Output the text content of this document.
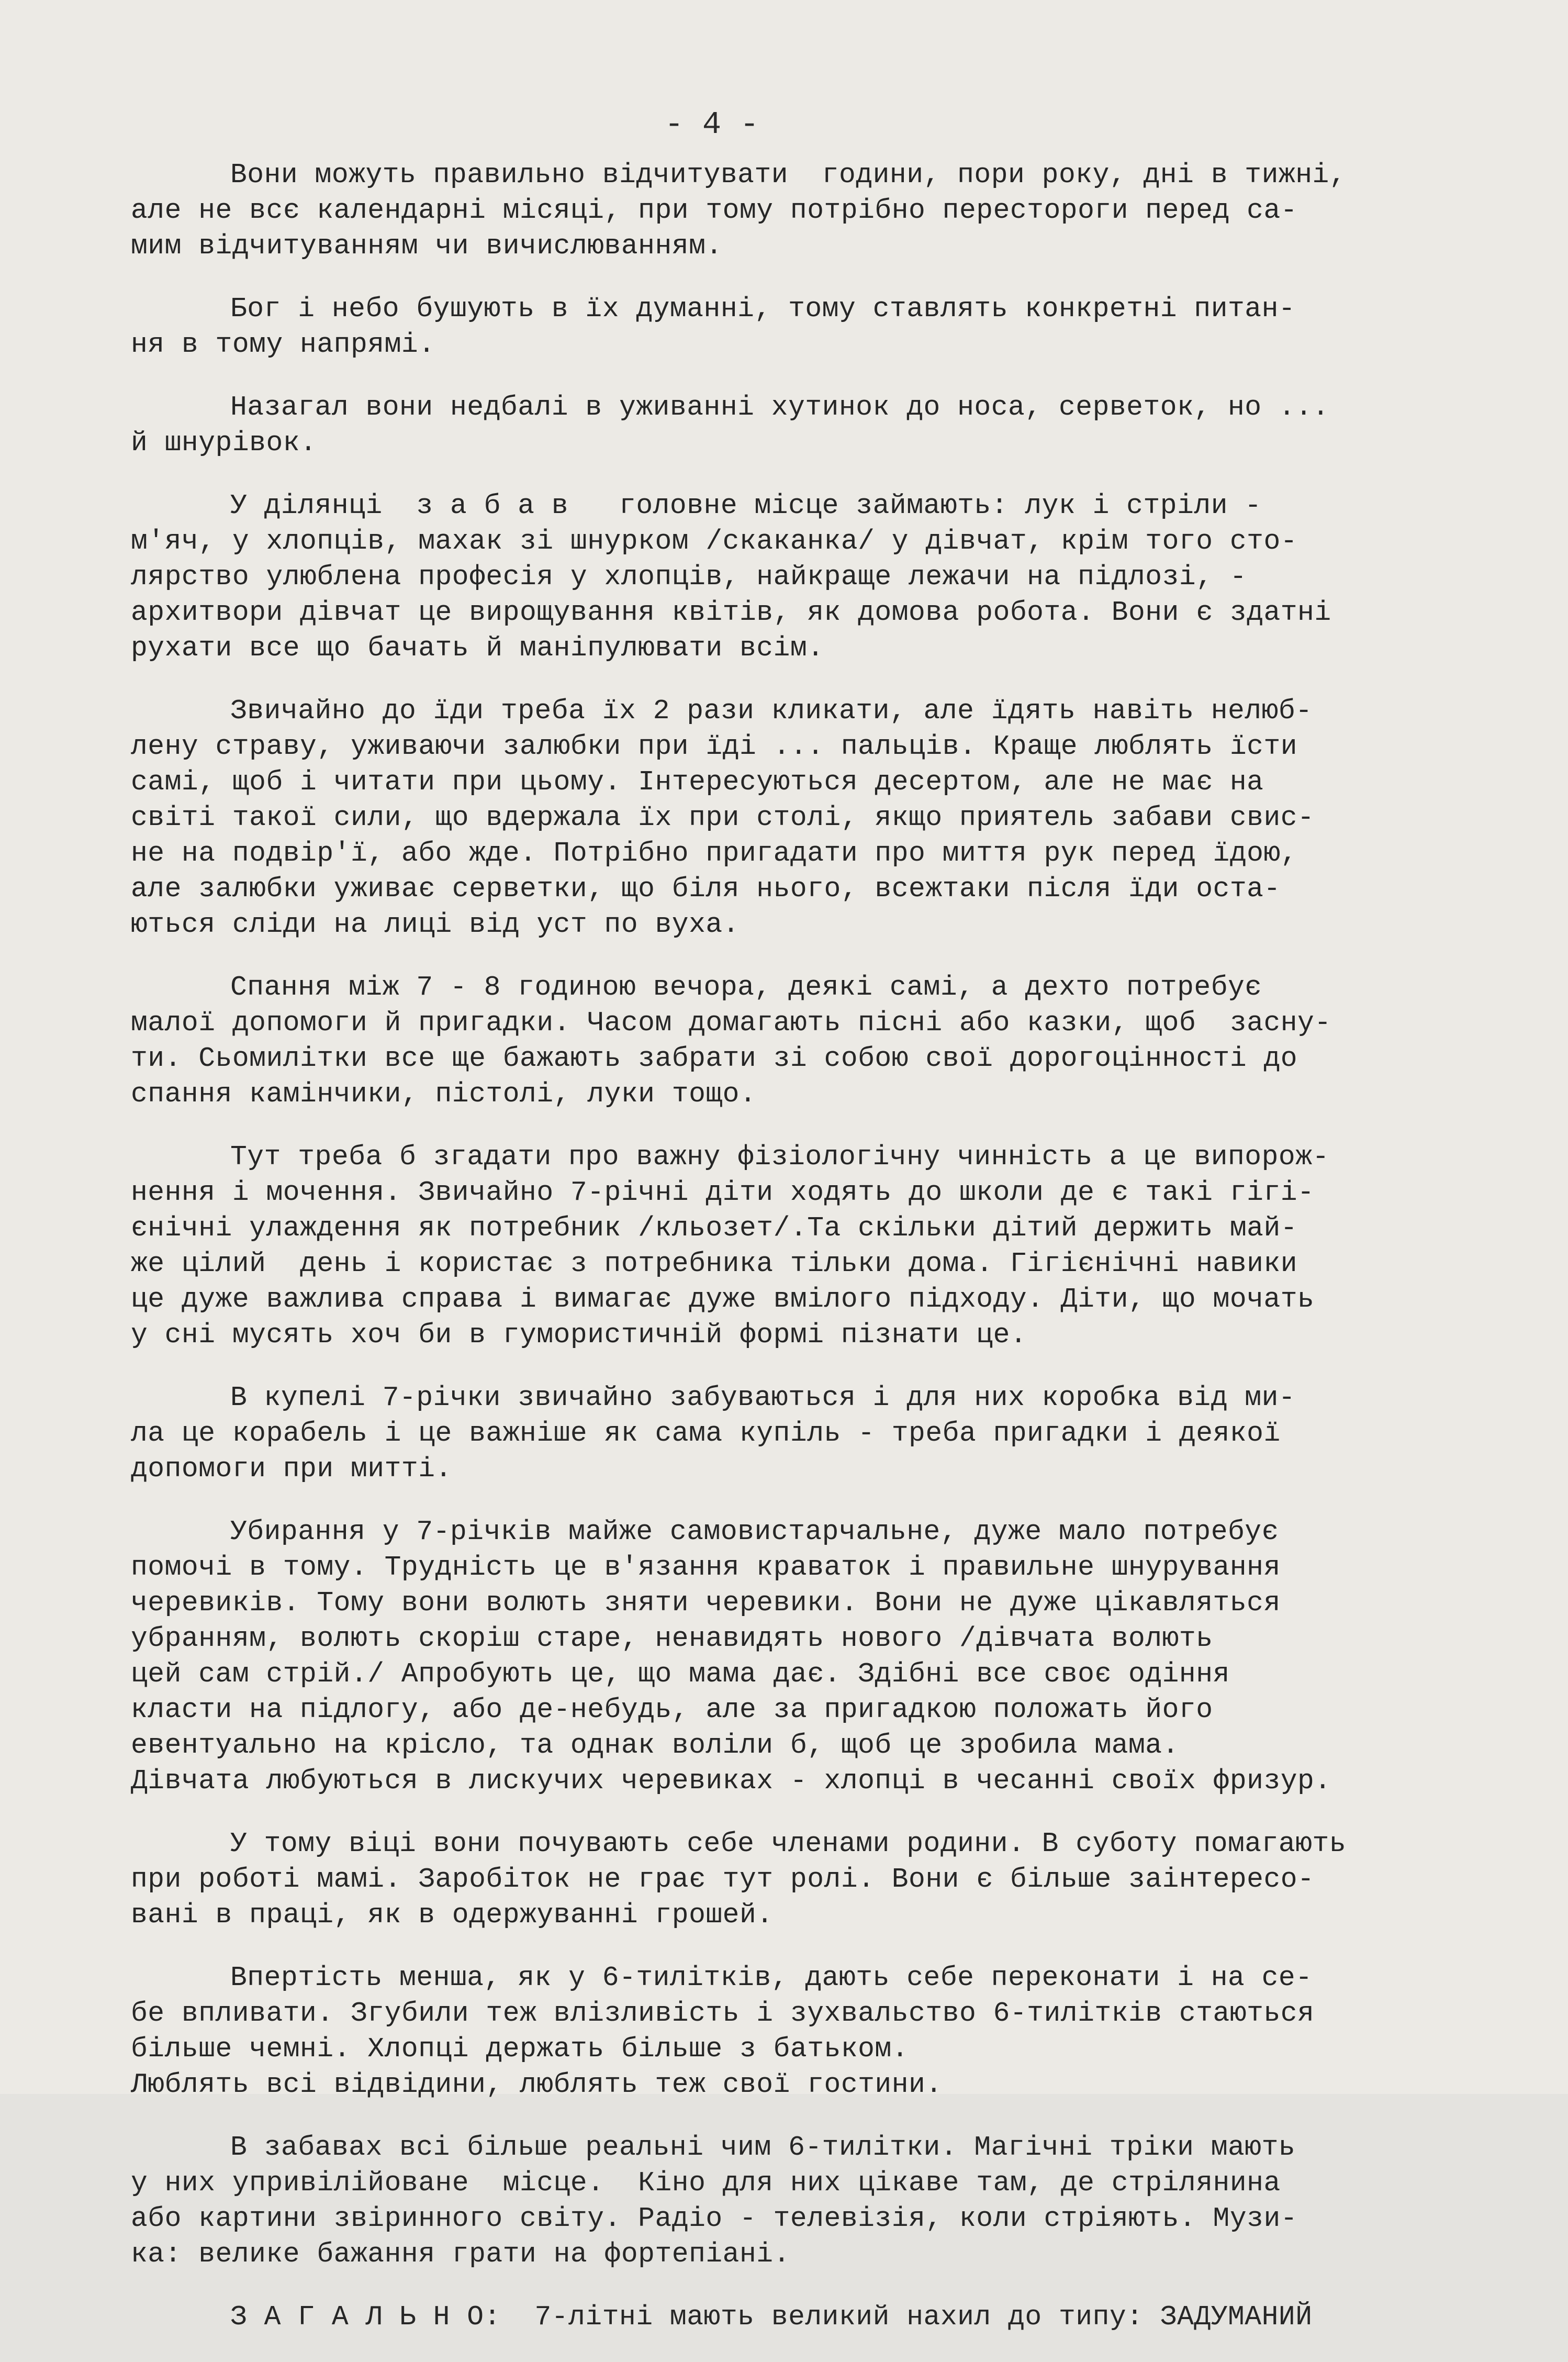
- 4 -
Вони можуть правильно відчитувати  години, пори року, дні в тижні,
але не всє календарні місяці, при тому потрібно перестороги перед са-
мим відчитуванням чи вичислюванням.
Бог і небо бушують в їх думанні, тому ставлять конкретні питан-
ня в тому напрямі.
Назагал вони недбалі в уживанні хутинок до носа, серветок, но ...
й шнурівок.
У ділянці  з а б а в   головне місце займають: лук і стріли -
м'яч, у хлопців, махак зі шнурком /скаканка/ у дівчат, крім того сто-
лярство улюблена професія у хлопців, найкраще лежачи на підлозі, -
архитвори дівчат це вирощування квітів, як домова робота. Вони є здатні
рухати все що бачать й маніпулювати всім.
Звичайно до їди треба їх 2 рази кликати, але їдять навіть нелюб-
лену страву, уживаючи залюбки при їді ... пальців. Краще люблять їсти
самі, щоб і читати при цьому. Інтересуються десертом, але не має на
світі такої сили, що вдержала їх при столі, якщо приятель забави свис-
не на подвір'ї, або жде. Потрібно пригадати про миття рук перед їдою,
але залюбки уживає серветки, що біля нього, всежтаки після їди оста-
ються сліди на лиці від уст по вуха.
Спання між 7 - 8 годиною вечора, деякі самі, а дехто потребує
малої допомоги й пригадки. Часом домагають пісні або казки, щоб  засну-
ти. Сьомилітки все ще бажають забрати зі собою свої дорогоцінності до
спання камінчики, пістолі, луки тощо.
Тут треба б згадати про важну фізіологічну чинність а це випорож-
нення і мочення. Звичайно 7-річні діти ходять до школи де є такі гігі-
єнічні улаждення як потребник /кльозет/.Та скільки дітий держить май-
же цілий  день і користає з потребника тільки дома. Гігієнічні навики
це дуже важлива справа і вимагає дуже вмілого підходу. Діти, що мочать
у сні мусять хоч би в гумористичній формі пізнати це.
В купелі 7-річки звичайно забуваються і для них коробка від ми-
ла це корабель і це важніше як сама купіль - треба пригадки і деякої
допомоги при митті.
Убирання у 7-річків майже самовистарчальне, дуже мало потребує
помочі в тому. Трудність це в'язання краваток і правильне шнурування
черевиків. Тому вони волють зняти черевики. Вони не дуже цікавляться
убранням, волють скоріш старе, ненавидять нового /дівчата волють
цей сам стрій./ Апробують це, що мама дає. Здібні все своє одіння
класти на підлогу, або де-небудь, але за пригадкою положать його
евентуально на крісло, та однак воліли б, щоб це зробила мама.
Дівчата любуються в лискучих черевиках - хлопці в чесанні своїх фризур.
У тому віці вони почувають себе членами родини. В суботу помагають
при роботі мамі. Заробіток не грає тут ролі. Вони є більше заінтересо-
вані в праці, як в одержуванні грошей.
Впертість менша, як у 6-тилітків, дають себе переконати і на се-
бе впливати. Згубили теж влізливість і зухвальство 6-тилітків стаються
більше чемні. Хлопці держать більше з батьком.
Люблять всі відвідини, люблять теж свої гостини.
В забавах всі більше реальні чим 6-тилітки. Магічні тріки мають
у них упривілійоване  місце.  Кіно для них цікаве там, де стрілянина
або картини звіринного світу. Радіо - телевізія, коли стріяють. Музи-
ка: велике бажання грати на фортепіані.
З А Г А Л Ь Н О:  7-літні мають великий нахил до типу: ЗАДУМАНИЙ
